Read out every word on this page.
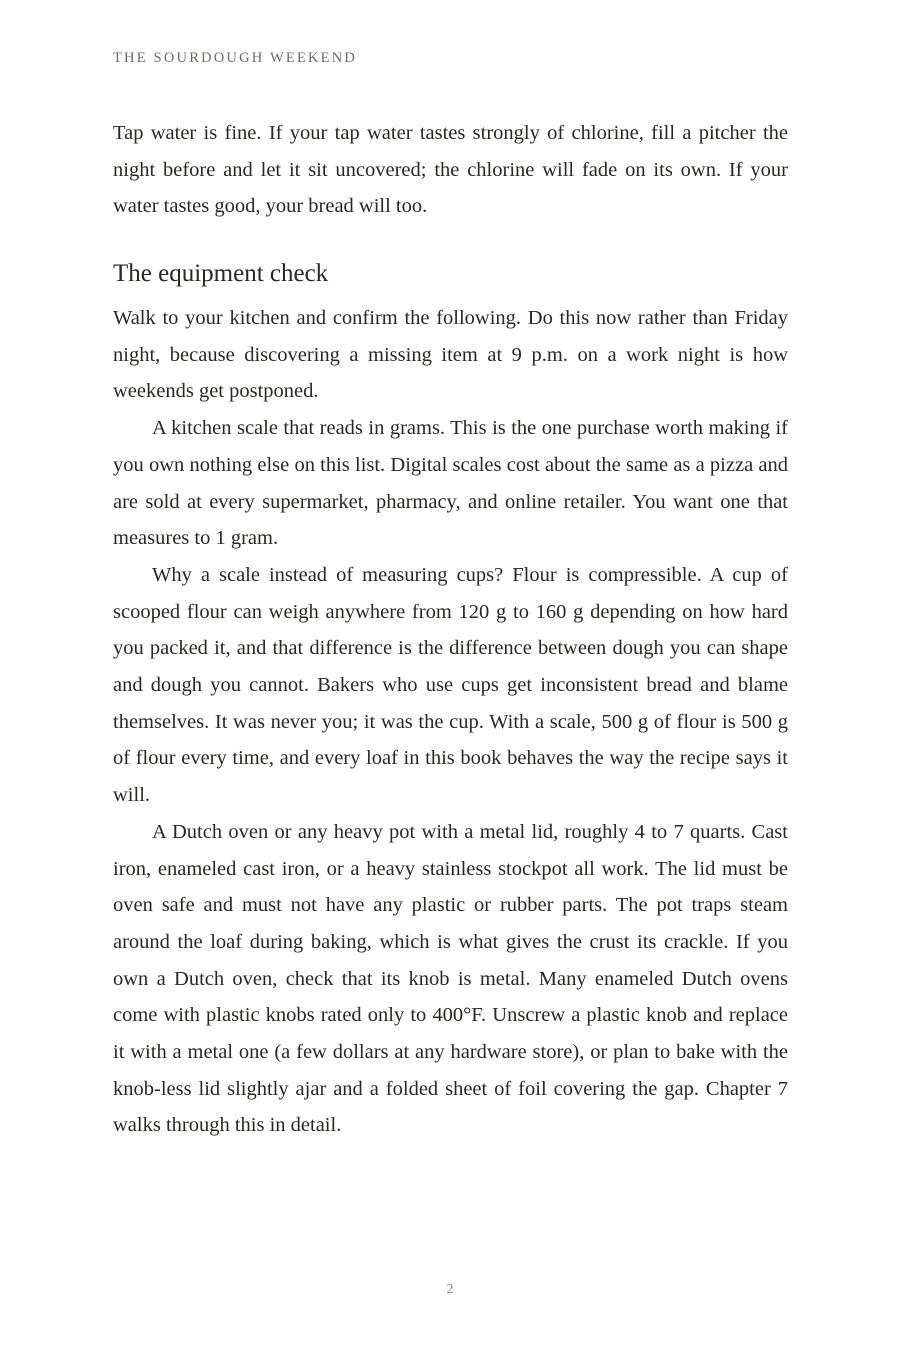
THE SOURDOUGH WEEKEND

Tap water is fine. If your tap water tastes strongly of chlorine, fill a pitcher the night before and let it sit uncovered; the chlorine will fade on its own. If your water tastes good, your bread will too.

The equipment check

Walk to your kitchen and confirm the following. Do this now rather than Friday night, because discovering a missing item at 9 p.m. on a work night is how weekends get postponed.

A kitchen scale that reads in grams. This is the one purchase worth making if you own nothing else on this list. Digital scales cost about the same as a pizza and are sold at every supermarket, pharmacy, and online retailer. You want one that measures to 1 gram.

Why a scale instead of measuring cups? Flour is compressible. A cup of scooped flour can weigh anywhere from 120 g to 160 g depending on how hard you packed it, and that difference is the difference between dough you can shape and dough you cannot. Bakers who use cups get inconsistent bread and blame themselves. It was never you; it was the cup. With a scale, 500 g of flour is 500 g of flour every time, and every loaf in this book behaves the way the recipe says it will.

A Dutch oven or any heavy pot with a metal lid, roughly 4 to 7 quarts. Cast iron, enameled cast iron, or a heavy stainless stockpot all work. The lid must be oven safe and must not have any plastic or rubber parts. The pot traps steam around the loaf during baking, which is what gives the crust its crackle. If you own a Dutch oven, check that its knob is metal. Many enameled Dutch ovens come with plastic knobs rated only to 400°F. Unscrew a plastic knob and replace it with a metal one (a few dollars at any hardware store), or plan to bake with the knob-less lid slightly ajar and a folded sheet of foil covering the gap. Chapter 7 walks through this in detail.

2
